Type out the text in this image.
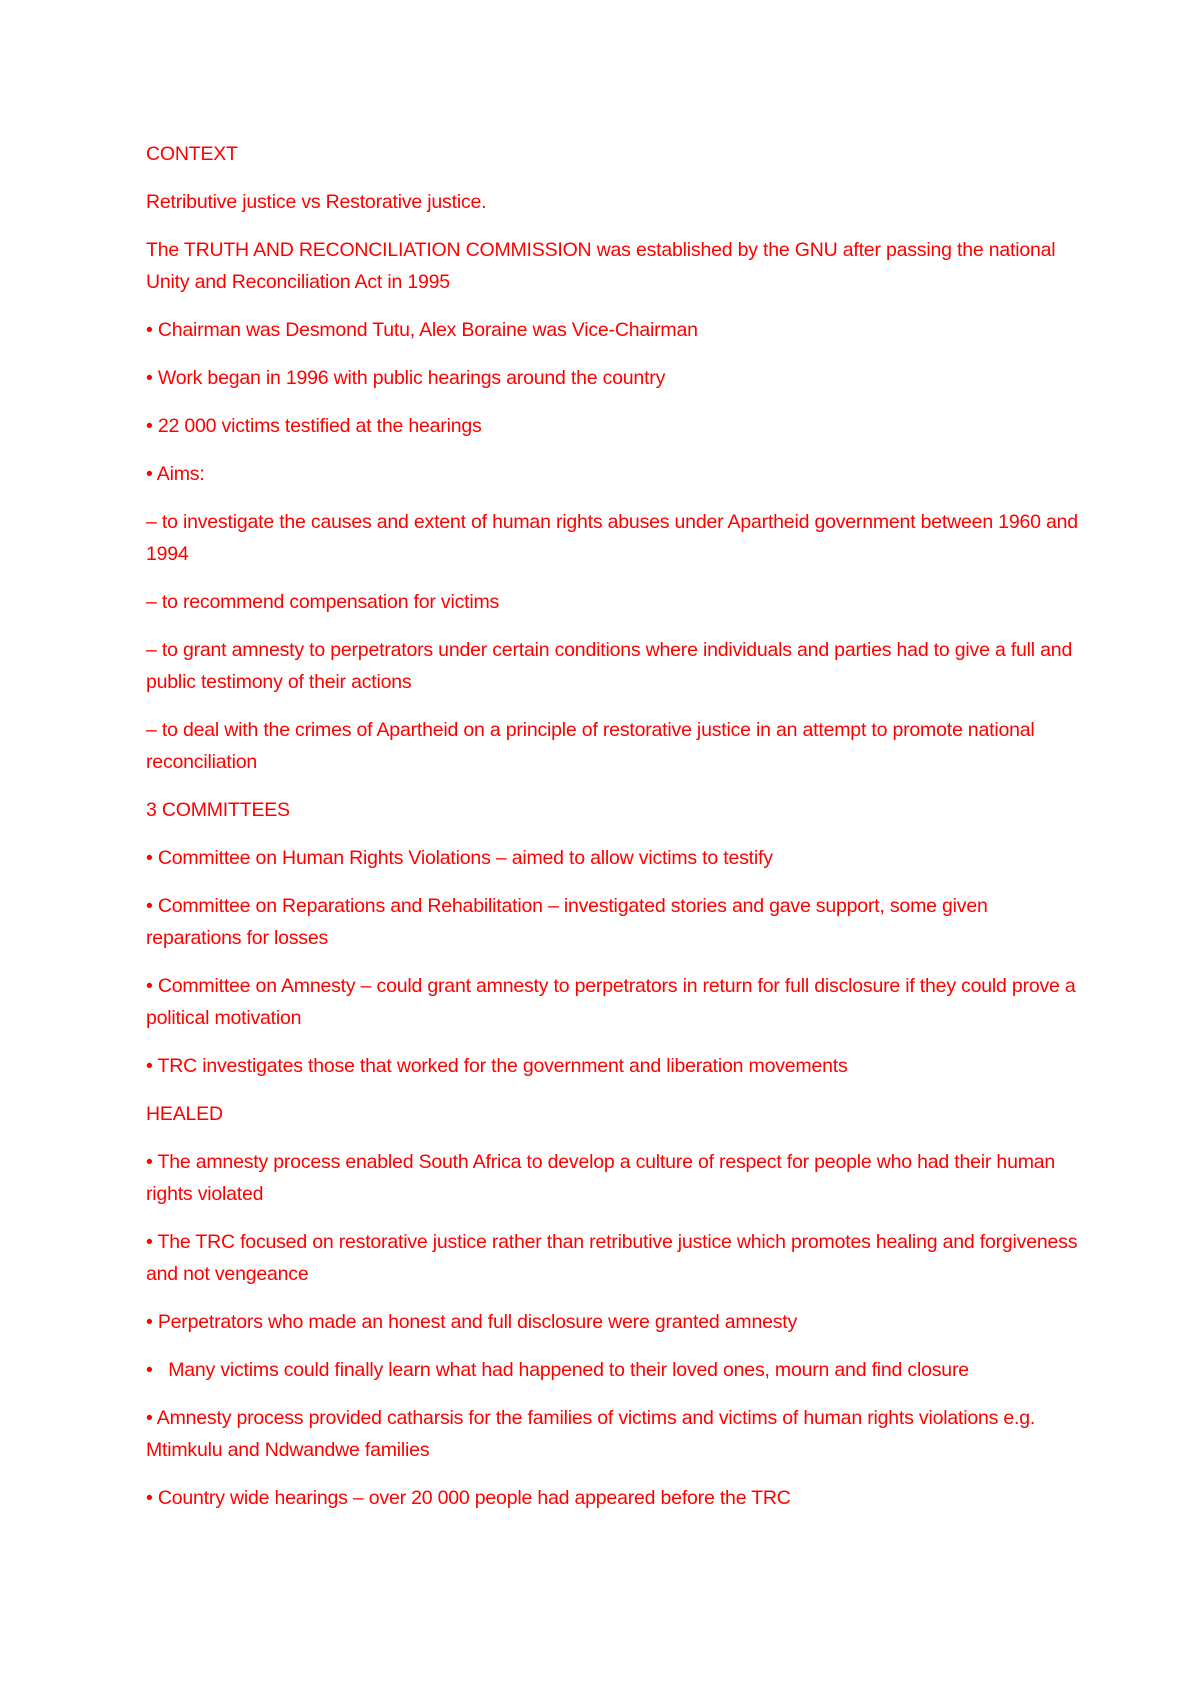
CONTEXT

Retributive justice vs Restorative justice.

The TRUTH AND RECONCILIATION COMMISSION was established by the GNU after passing the national Unity and Reconciliation Act in 1995

• Chairman was Desmond Tutu, Alex Boraine was Vice-Chairman

• Work began in 1996 with public hearings around the country

• 22 000 victims testified at the hearings

• Aims:

– to investigate the causes and extent of human rights abuses under Apartheid government between 1960 and 1994

– to recommend compensation for victims

– to grant amnesty to perpetrators under certain conditions where individuals and parties had to give a full and public testimony of their actions

– to deal with the crimes of Apartheid on a principle of restorative justice in an attempt to promote national reconciliation

3 COMMITTEES

• Committee on Human Rights Violations – aimed to allow victims to testify

• Committee on Reparations and Rehabilitation – investigated stories and gave support, some given reparations for losses

• Committee on Amnesty – could grant amnesty to perpetrators in return for full disclosure if they could prove a political motivation

• TRC investigates those that worked for the government and liberation movements

HEALED

• The amnesty process enabled South Africa to develop a culture of respect for people who had their human rights violated

• The TRC focused on restorative justice rather than retributive justice which promotes healing and forgiveness and not vengeance

• Perpetrators who made an honest and full disclosure were granted amnesty

• Many victims could finally learn what had happened to their loved ones, mourn and find closure

• Amnesty process provided catharsis for the families of victims and victims of human rights violations e.g. Mtimkulu and Ndwandwe families

• Country wide hearings – over 20 000 people had appeared before the TRC
